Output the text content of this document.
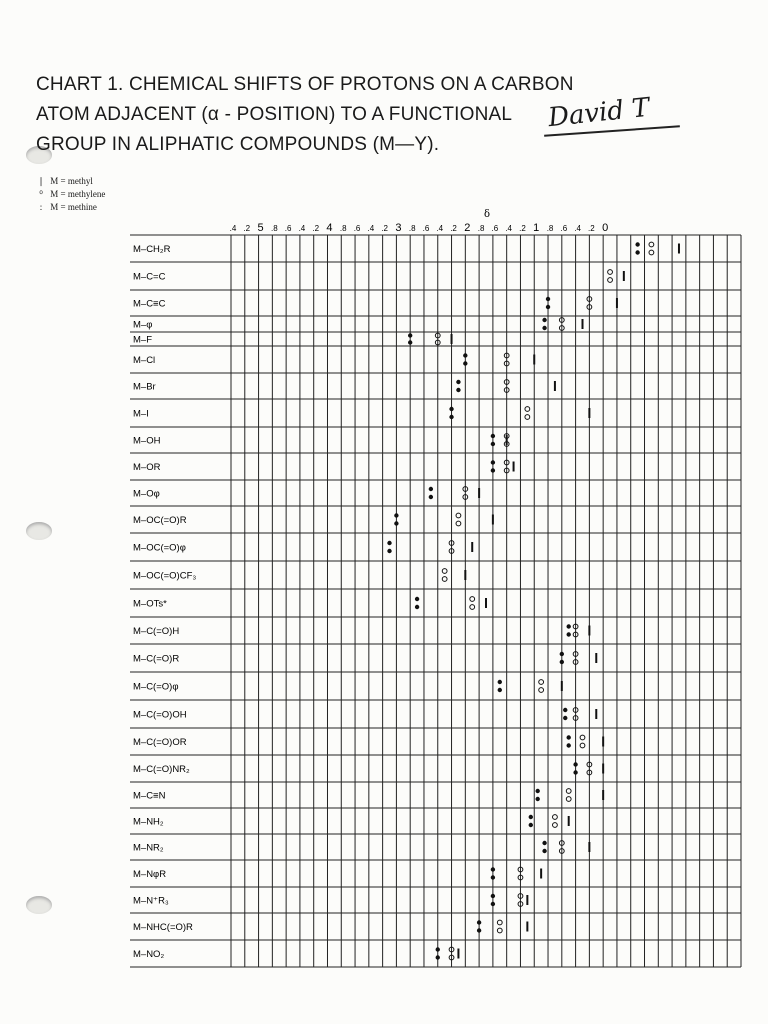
CHART 1. CHEMICAL SHIFTS OF PROTONS ON A CARBON
ATOM ADJACENT (α - POSITION) TO A FUNCTIONAL
GROUP IN ALIPHATIC COMPOUNDS (M—Y).
David T
❘ M = methyl
⁰ M = methylene
: M = methine
δ
.4 .2 5 .8 .6 .4 .2 4 .8 .6 .4 .2 3 .8 .6 .4 .2 2 .8 .6 .4 .2 1 .8 .6 .4 .2 0
M–CH₂R
M–C=C
M–C≡C
M–φ
M–F
M–Cl
M–Br
M–I
M–OH
M–OR
M–Oφ
M–OC(=O)R
M–OC(=O)φ
M–OC(=O)CF₃
M–OTs*
M–C(=O)H
M–C(=O)R
M–C(=O)φ
M–C(=O)OH
M–C(=O)OR
M–C(=O)NR₂
M–C≡N
M–NH₂
M–NR₂
M–NφR
M–N⁺R₃
M–NHC(=O)R
M–NO₂
